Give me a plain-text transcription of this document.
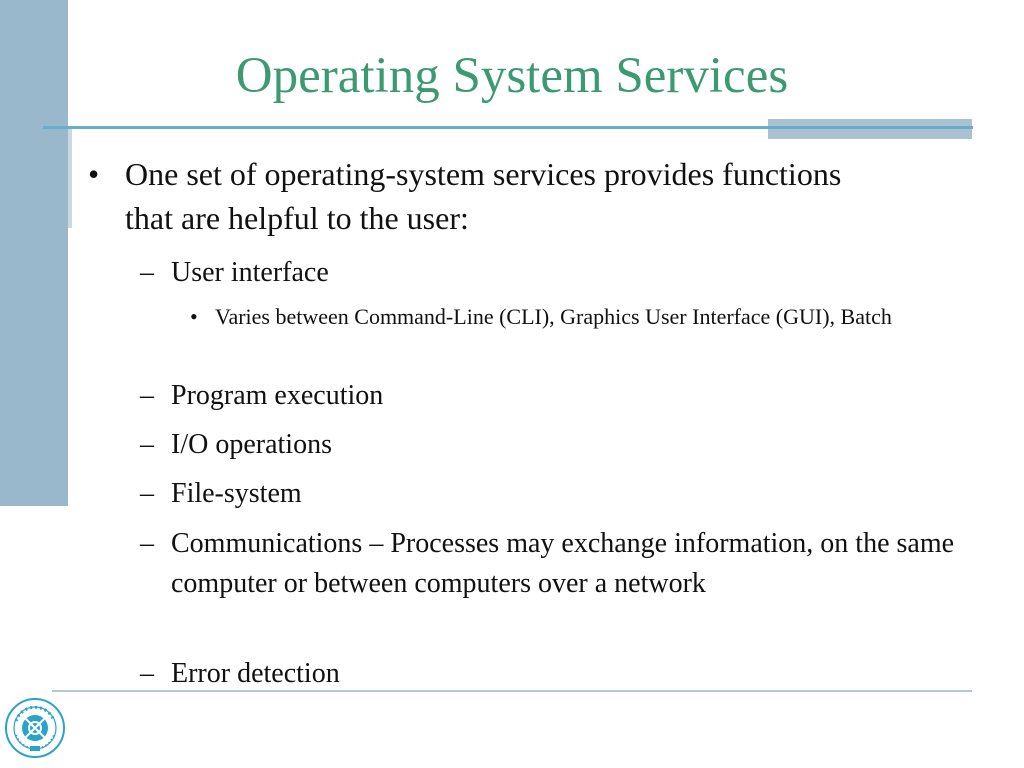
Operating System Services
• One set of operating-system services provides functions that are helpful to the user:
– User interface
• Varies between Command-Line (CLI), Graphics User Interface (GUI), Batch
– Program execution
– I/O operations
– File-system
– Communications – Processes may exchange information, on the same computer or between computers over a network
– Error detection
